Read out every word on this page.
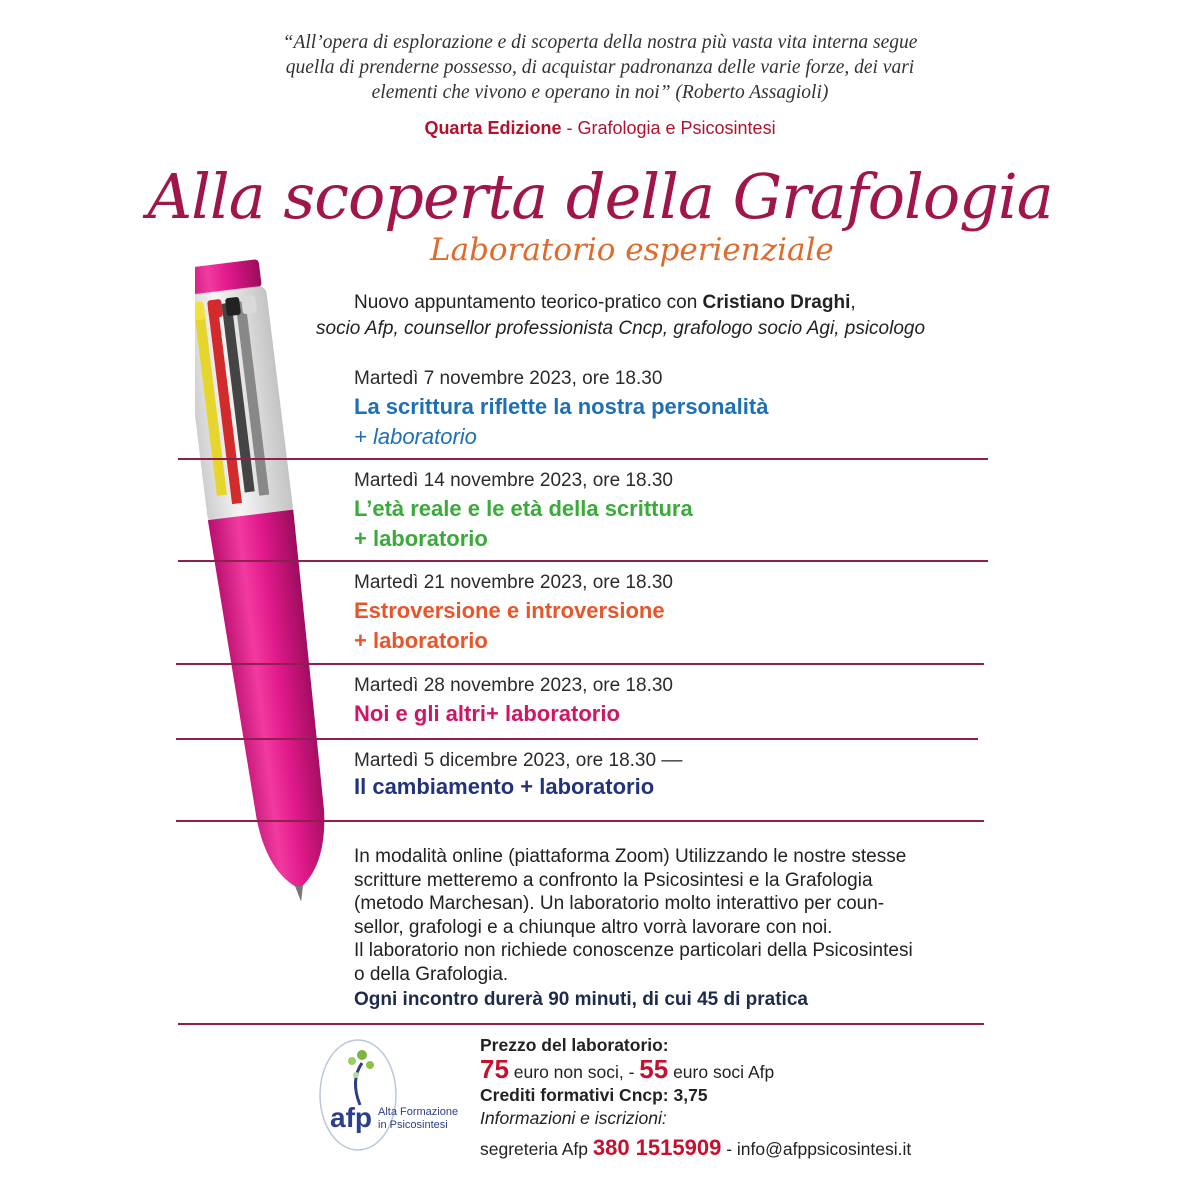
“All’opera di esplorazione e di scoperta della nostra più vasta vita interna segue
quella di prenderne possesso, di acquistar padronanza delle varie forze, dei vari
elementi che vivono e operano in noi” (Roberto Assagioli)
Quarta Edizione - Grafologia e Psicosintesi
Alla scoperta della Grafologia
Laboratorio esperienziale
Nuovo appuntamento teorico-pratico con Cristiano Draghi,
socio Afp, counsellor professionista Cncp, grafologo socio Agi, psicologo
Martedì 7 novembre 2023, ore 18.30
La scrittura riflette la nostra personalità
+ laboratorio
Martedì 14 novembre 2023, ore 18.30
L’età reale e le età della scrittura
+ laboratorio
Martedì 21 novembre 2023, ore 18.30
Estroversione e introversione
+ laboratorio
Martedì 28 novembre 2023, ore 18.30
Noi e gli altri+ laboratorio
Martedì 5 dicembre 2023, ore 18.30 ––
Il cambiamento + laboratorio
In modalità online (piattaforma Zoom) Utilizzando le nostre stesse
scritture metteremo a confronto la Psicosintesi e la Grafologia
(metodo Marchesan). Un laboratorio molto interattivo per coun-
sellor, grafologi e a chiunque altro vorrà lavorare con noi.
Il laboratorio non richiede conoscenze particolari della Psicosintesi
o della Grafologia.
Ogni incontro durerà 90 minuti, di cui 45 di pratica
afp Alta Formazione
in Psicosintesi
Prezzo del laboratorio:
75 euro non soci, - 55 euro soci Afp
Crediti formativi Cncp: 3,75
Informazioni e iscrizioni:
segreteria Afp 380 1515909 - info@afppsicosintesi.it
